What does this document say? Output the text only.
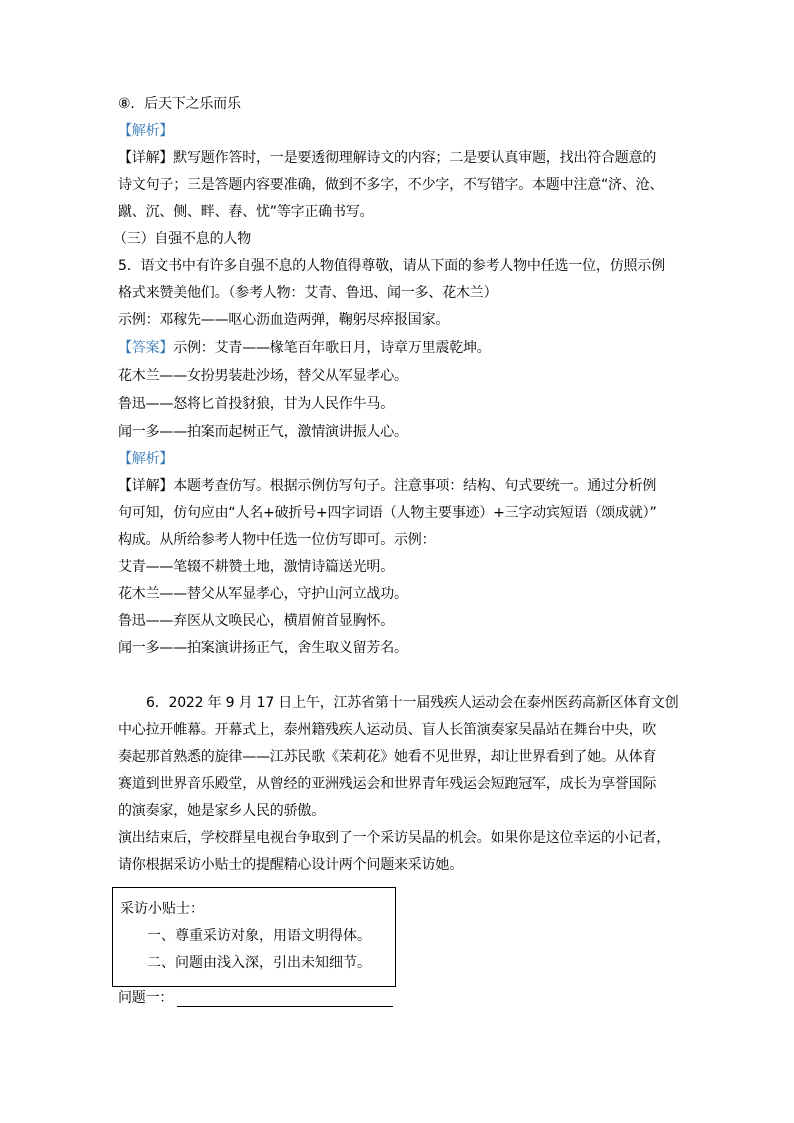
⑧．后天下之乐而乐
【解析】
【详解】默写题作答时，一是要透彻理解诗文的内容；二是要认真审题，找出符合题意的
诗文句子；三是答题内容要准确，做到不多字，不少字，不写错字。本题中注意“济、沧、
蹴、沉、侧、畔、舂、忧”等字正确书写。
（三）自强不息的人物
5．语文书中有许多自强不息的人物值得尊敬，请从下面的参考人物中任选一位，仿照示例
格式来赞美他们。（参考人物：艾青、鲁迅、闻一多、花木兰）
示例：邓稼先——呕心沥血造两弹，鞠躬尽瘁报国家。
【答案】示例：艾青——椽笔百年歌日月，诗章万里震乾坤。
花木兰——女扮男装赴沙场，替父从军显孝心。
鲁迅——怒将匕首投豺狼，甘为人民作牛马。
闻一多——拍案而起树正气，激情演讲振人心。
【解析】
【详解】本题考查仿写。根据示例仿写句子。注意事项：结构、句式要统一。通过分析例
句可知，仿句应由“人名+破折号+四字词语（人物主要事迹）+三字动宾短语（颂成就）”
构成。从所给参考人物中任选一位仿写即可。示例：
艾青——笔辍不耕赞土地，激情诗篇送光明。
花木兰——替父从军显孝心，守护山河立战功。
鲁迅——弃医从文唤民心，横眉俯首显胸怀。
闻一多——拍案演讲扬正气，舍生取义留芳名。
6．2022 年 9 月 17 日上午，江苏省第十一届残疾人运动会在泰州医药高新区体育文创
中心拉开帷幕。开幕式上，泰州籍残疾人运动员、盲人长笛演奏家吴晶站在舞台中央，吹
奏起那首熟悉的旋律——江苏民歌《茉莉花》她看不见世界，却让世界看到了她。从体育
赛道到世界音乐殿堂，从曾经的亚洲残运会和世界青年残运会短跑冠军，成长为享誉国际
的演奏家，她是家乡人民的骄傲。
演出结束后，学校群星电视台争取到了一个采访吴晶的机会。如果你是这位幸运的小记者，
请你根据采访小贴士的提醒精心设计两个问题来采访她。
采访小贴士：
一、尊重采访对象，用语文明得体。
二、问题由浅入深，引出未知细节。
问题一：
